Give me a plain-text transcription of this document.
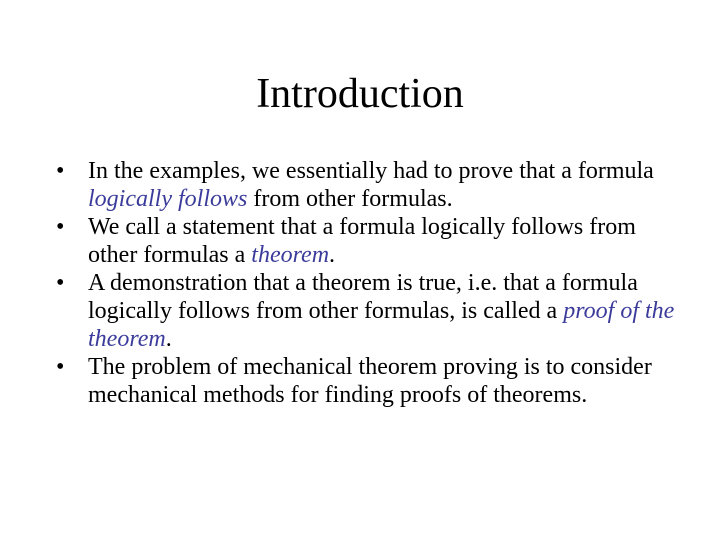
Introduction
• In the examples, we essentially had to prove that a formula logically follows from other formulas.
• We call a statement that a formula logically follows from other formulas a theorem.
• A demonstration that a theorem is true, i.e. that a formula logically follows from other formulas, is called a proof of the theorem.
• The problem of mechanical theorem proving is to consider mechanical methods for finding proofs of theorems.
